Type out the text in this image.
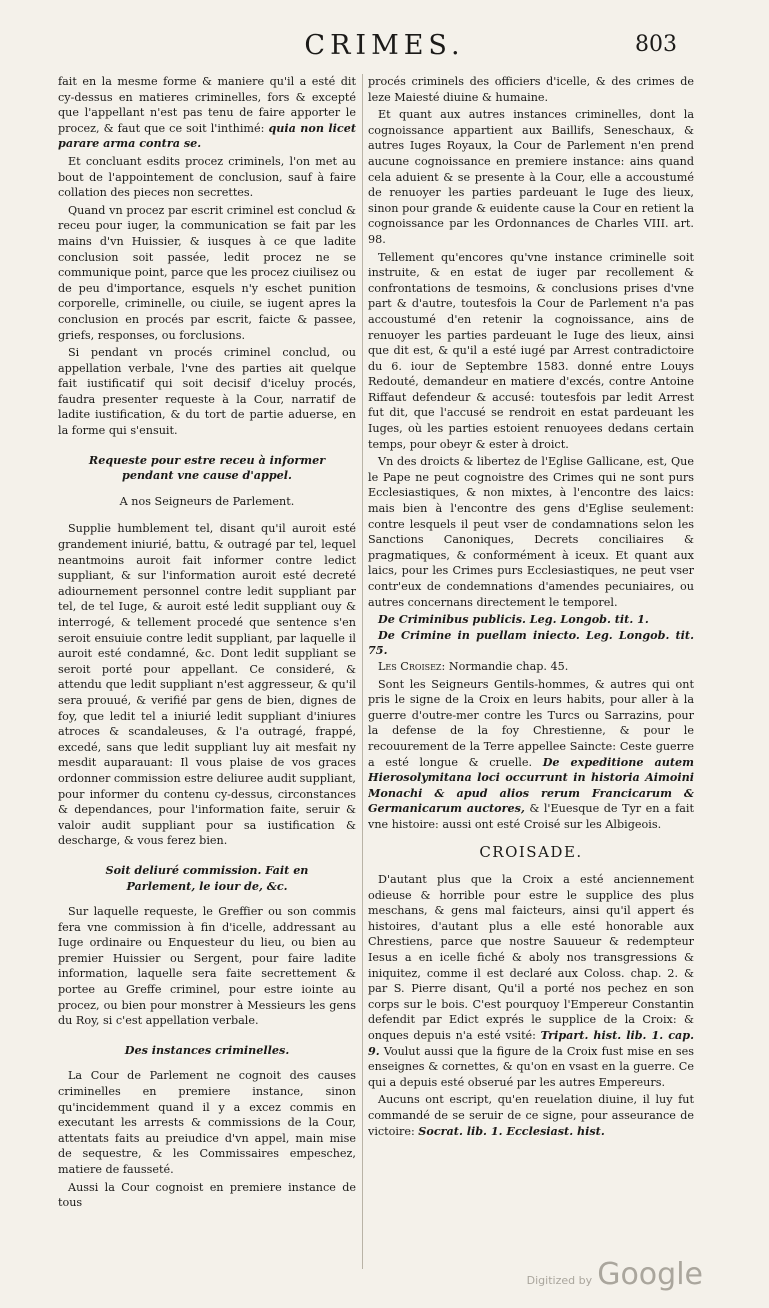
CRIMES.	803

fait en la mesme forme & maniere qu'il a esté dit cy-dessus en matieres criminelles, fors & excepté que l'appellant n'est pas tenu de faire apporter le procez, & faut que ce soit l'inthimé: quia non licet parare arma contra se.

Et concluant esdits procez criminels, l'on met au bout de l'appointement de conclusion, sauf à faire collation des pieces non secrettes.

Quand vn procez par escrit criminel est conclud & receu pour iuger, la communication se fait par les mains d'vn Huissier, & iusques à ce que ladite conclusion soit passée, ledit procez ne se communique point, parce que les procez ciuilisez ou de peu d'importance, esquels n'y eschet punition corporelle, criminelle, ou ciuile, se iugent apres la conclusion en procés par escrit, faicte & passee, griefs, responses, ou forclusions.

Si pendant vn procés criminel conclud, ou appellation verbale, l'vne des parties ait quelque fait iustificatif qui soit decisif d'iceluy procés, faudra presenter requeste à la Cour, narratif de ladite iustification, & du tort de partie aduerse, en la forme qui s'ensuit.

Requeste pour estre receu à informer pendant vne cause d'appel.

A nos Seigneurs de Parlement.

Supplie humblement tel, disant qu'il auroit esté grandement iniurié, battu, & outragé par tel, lequel neantmoins auroit fait informer contre ledict suppliant, & sur l'information auroit esté decreté adiournement personnel contre ledit suppliant par tel, de tel Iuge, & auroit esté ledit suppliant ouy & interrogé, & tellement procedé que sentence s'en seroit ensuiuie contre ledit suppliant, par laquelle il auroit esté condamné, &c. Dont ledit suppliant se seroit porté pour appellant. Ce consideré, & attendu que ledit suppliant n'est aggresseur, & qu'il sera prouué, & verifié par gens de bien, dignes de foy, que ledit tel a iniurié ledit suppliant d'iniures atroces & scandaleuses, & l'a outragé, frappé, excedé, sans que ledit suppliant luy ait mesfait ny mesdit auparauant: Il vous plaise de vos graces ordonner commission estre deliuree audit suppliant, pour informer du contenu cy-dessus, circonstances & dependances, pour l'information faite, seruir & valoir audit suppliant pour sa iustification & descharge, & vous ferez bien.

Soit deliuré commission. Fait en Parlement, le iour de, &c.

Sur laquelle requeste, le Greffier ou son commis fera vne commission à fin d'icelle, addressant au Iuge ordinaire ou Enquesteur du lieu, ou bien au premier Huissier ou Sergent, pour faire ladite information, laquelle sera faite secrettement & portee au Greffe criminel, pour estre iointe au procez, ou bien pour monstrer à Messieurs les gens du Roy, si c'est appellation verbale.

Des instances criminelles.

La Cour de Parlement ne cognoit des causes criminelles en premiere instance, sinon qu'incidemment quand il y a excez commis en executant les arrests & commissions de la Cour, attentats faits au preiudice d'vn appel, main mise de sequestre, & les Commissaires empeschez, matiere de fausseté.

Aussi la Cour cognoist en premiere instance de tous

procés criminels des officiers d'icelle, & des crimes de leze Maiesté diuine & humaine.

Et quant aux autres instances criminelles, dont la cognoissance appartient aux Baillifs, Seneschaux, & autres Iuges Royaux, la Cour de Parlement n'en prend aucune cognoissance en premiere instance: ains quand cela aduient & se presente à la Cour, elle a accoustumé de renuoyer les parties pardeuant le Iuge des lieux, sinon pour grande & euidente cause la Cour en retient la cognoissance par les Ordonnances de Charles VIII. art. 98.

Tellement qu'encores qu'vne instance criminelle soit instruite, & en estat de iuger par recollement & confrontations de tesmoins, & conclusions prises d'vne part & d'autre, toutesfois la Cour de Parlement n'a pas accoustumé d'en retenir la cognoissance, ains de renuoyer les parties pardeuant le Iuge des lieux, ainsi que dit est, & qu'il a esté iugé par Arrest contradictoire du 6. iour de Septembre 1583. donné entre Louys Redouté, demandeur en matiere d'excés, contre Antoine Riffaut defendeur & accusé: toutesfois par ledit Arrest fut dit, que l'accusé se rendroit en estat pardeuant les Iuges, où les parties estoient renuoyees dedans certain temps, pour obeyr & ester à droict.

Vn des droicts & libertez de l'Eglise Gallicane, est, Que le Pape ne peut cognoistre des Crimes qui ne sont purs Ecclesiastiques, & non mixtes, à l'encontre des laics: mais bien à l'encontre des gens d'Eglise seulement: contre lesquels il peut vser de condamnations selon les Sanctions Canoniques, Decrets conciliaires & pragmatiques, & conformément à iceux. Et quant aux laics, pour les Crimes purs Ecclesiastiques, ne peut vser contr'eux de condemnations d'amendes pecuniaires, ou autres concernans directement le temporel.

De Criminibus publicis. Leg. Longob. tit. 1.

De Crimine in puellam iniecto. Leg. Longob. tit. 75.

Les Croisez: Normandie chap. 45.

Sont les Seigneurs Gentils-hommes, & autres qui ont pris le signe de la Croix en leurs habits, pour aller à la guerre d'outre-mer contre les Turcs ou Sarrazins, pour la defense de la foy Chrestienne, & pour le recouurement de la Terre appellee Saincte: Ceste guerre a esté longue & cruelle. De expeditione autem Hierosolymitana loci occurrunt in historia Aimoini Monachi & apud alios rerum Francicarum & Germanicarum auctores, & l'Euesque de Tyr en a fait vne histoire: aussi ont esté Croisé sur les Albigeois.

CROISADE.

D'autant plus que la Croix a esté anciennement odieuse & horrible pour estre le supplice des plus meschans, & gens mal faicteurs, ainsi qu'il appert és histoires, d'autant plus a elle esté honorable aux Chrestiens, parce que nostre Sauueur & redempteur Iesus a en icelle fiché & aboly nos transgressions & iniquitez, comme il est declaré aux Coloss. chap. 2. & par S. Pierre disant, Qu'il a porté nos pechez en son corps sur le bois. C'est pourquoy l'Empereur Constantin defendit par Edict exprés le supplice de la Croix: & onques depuis n'a esté vsité: Tripart. hist. lib. 1. cap. 9. Voulut aussi que la figure de la Croix fust mise en ses enseignes & cornettes, & qu'on en vsast en la guerre. Ce qui a depuis esté obserué par les autres Empereurs.

Aucuns ont escript, qu'en reuelation diuine, il luy fut commandé de se seruir de ce signe, pour asseurance de victoire: Socrat. lib. 1. Ecclesiast. hist.

Digitized by Google
